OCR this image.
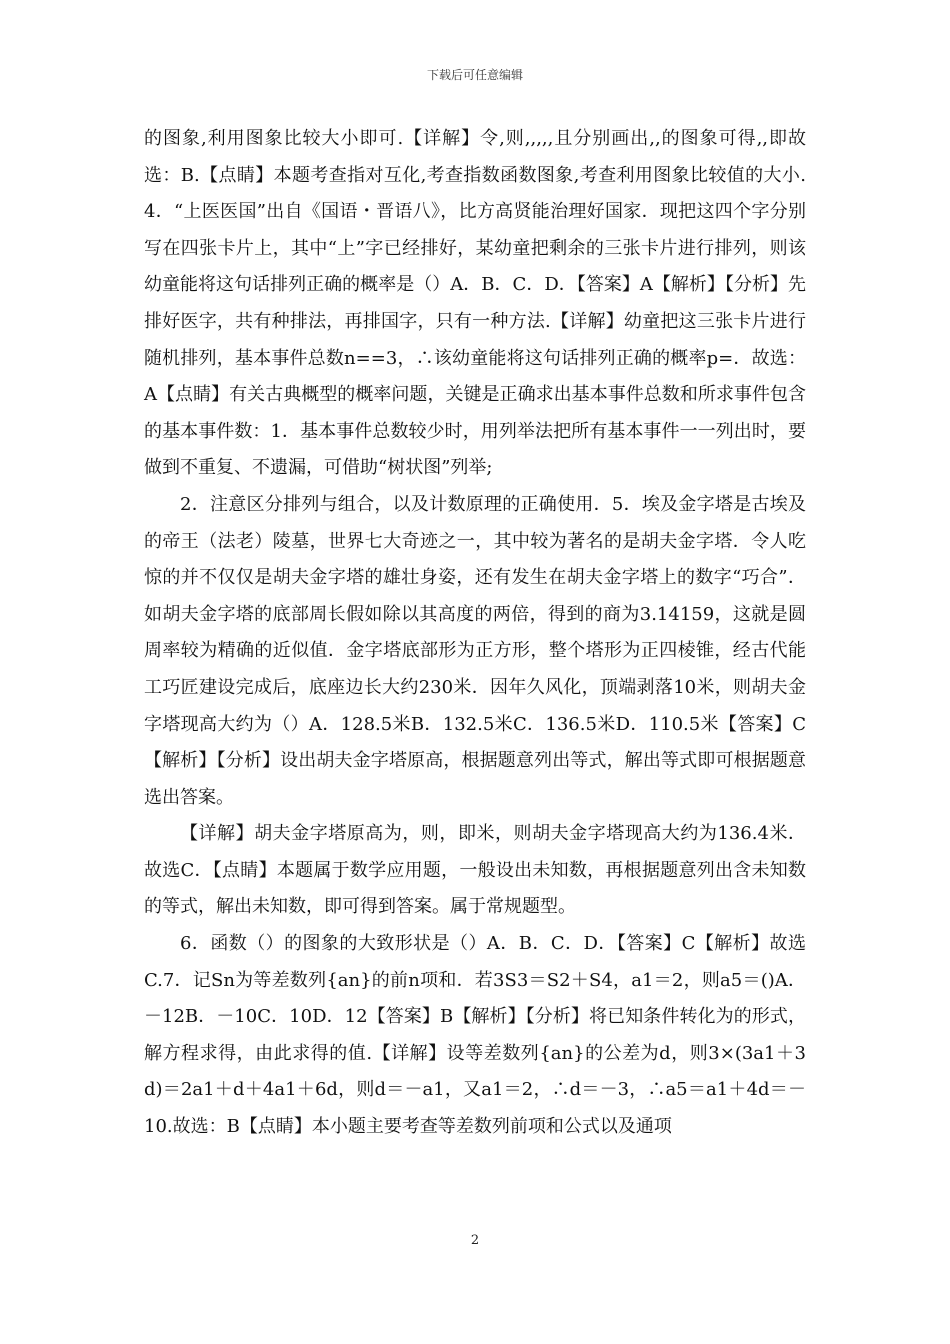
下载后可任意编辑

的图象,利用图象比较大小即可.【详解】令,则,,,,,且分别画出,,的图象可得,,即故选：B.【点睛】本题考查指对互化,考查指数函数图象,考查利用图象比较值的大小.4．“上医医国”出自《国语・晋语八》，比方高贤能治理好国家．现把这四个字分别写在四张卡片上，其中“上”字已经排好，某幼童把剩余的三张卡片进行排列，则该幼童能将这句话排列正确的概率是（）A．B．C．D．【答案】A【解析】【分析】先排好医字，共有种排法，再排国字，只有一种方法.【详解】幼童把这三张卡片进行随机排列，基本事件总数n==3，∴该幼童能将这句话排列正确的概率p=．故选：A【点睛】有关古典概型的概率问题，关键是正确求出基本事件总数和所求事件包含的基本事件数：1．基本事件总数较少时，用列举法把所有基本事件一一列出时，要做到不重复、不遗漏，可借助“树状图”列举;

2．注意区分排列与组合，以及计数原理的正确使用．5．埃及金字塔是古埃及的帝王（法老）陵墓，世界七大奇迹之一，其中较为著名的是胡夫金字塔．令人吃惊的并不仅仅是胡夫金字塔的雄壮身姿，还有发生在胡夫金字塔上的数字“巧合”．如胡夫金字塔的底部周长假如除以其高度的两倍，得到的商为3.14159，这就是圆周率较为精确的近似值．金字塔底部形为正方形，整个塔形为正四棱锥，经古代能工巧匠建设完成后，底座边长大约230米．因年久风化，顶端剥落10米，则胡夫金字塔现高大约为（）A．128.5米B．132.5米C．136.5米D．110.5米【答案】C【解析】【分析】设出胡夫金字塔原高，根据题意列出等式，解出等式即可根据题意选出答案。

【详解】胡夫金字塔原高为，则，即米，则胡夫金字塔现高大约为136.4米．故选C．【点睛】本题属于数学应用题，一般设出未知数，再根据题意列出含未知数的等式，解出未知数，即可得到答案。属于常规题型。

6．函数（）的图象的大致形状是（）A．B．C．D．【答案】C【解析】故选C.7．记Sn为等差数列{an}的前n项和．若3S3＝S2＋S4，a1＝2，则a5＝()A．－12B．－10C．10D．12【答案】B【解析】【分析】将已知条件转化为的形式，解方程求得，由此求得的值.【详解】设等差数列{an}的公差为d，则3×(3a1＋3d)＝2a1＋d＋4a1＋6d，则d＝－a1，又a1＝2，∴d＝－3，∴a5＝a1＋4d＝－10.故选：B【点睛】本小题主要考查等差数列前项和公式以及通项

2
